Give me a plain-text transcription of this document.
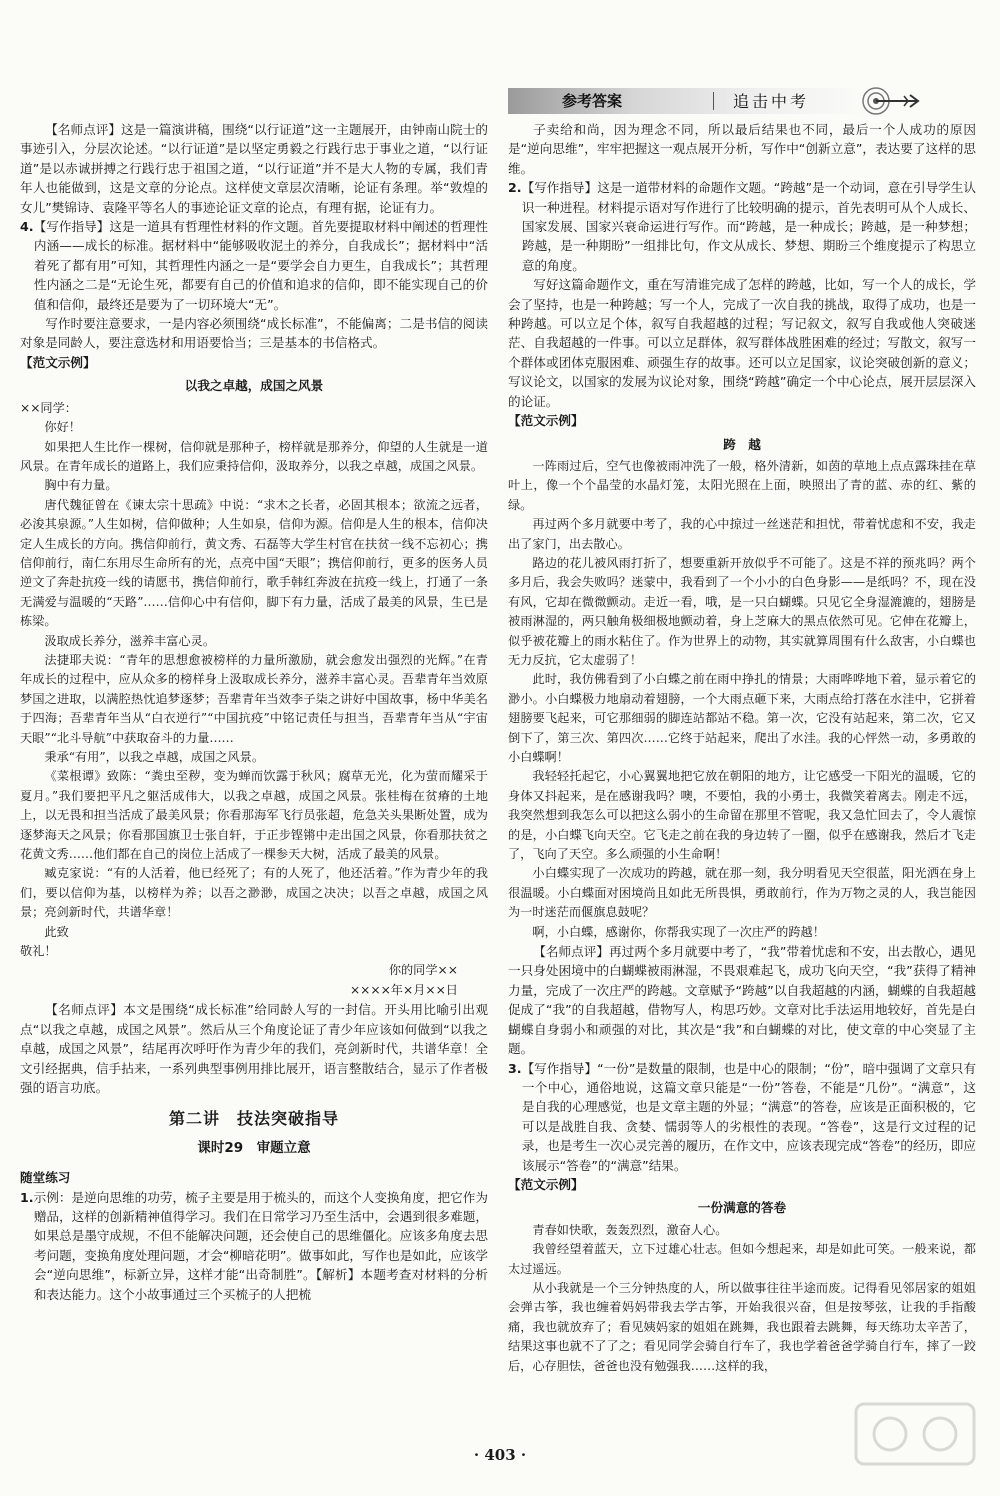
参考答案	追击中考

【名师点评】这是一篇演讲稿，围绕“以行证道”这一主题展开，由钟南山院士的事迹引入，分层次论述。“以行证道”是以坚定勇毅之行践行忠于事业之道，“以行证道”是以赤诚拼搏之行践行忠于祖国之道，“以行证道”并不是大人物的专属，我们青年人也能做到，这是文章的分论点。这样使文章层次清晰，论证有条理。举“敦煌的女儿”樊锦诗、袁隆平等名人的事迹论证文章的论点，有理有据，论证有力。

4.【写作指导】这是一道具有哲理性材料的作文题。首先要提取材料中阐述的哲理性内涵——成长的标准。据材料中“能够吸收泥土的养分，自我成长”；据材料中“活着死了都有用”可知，其哲理性内涵之一是“要学会自力更生，自我成长”；其哲理性内涵之二是“无论生死，都要有自己的价值和追求的信仰，即不能实现自己的价值和信仰，最终还是要为了一切环境大“无”。

写作时要注意要求，一是内容必须围绕“成长标准”，不能偏离；二是书信的阅读对象是同龄人，要注意选材和用语要恰当；三是基本的书信格式。

【范文示例】

以我之卓越，成国之风景

××同学：

你好！

如果把人生比作一棵树，信仰就是那种子，榜样就是那养分，仰望的人生就是一道风景。在青年成长的道路上，我们应秉持信仰，汲取养分，以我之卓越，成国之风景。

胸中有力量。

唐代魏征曾在《谏太宗十思疏》中说：“求木之长者，必固其根本；欲流之远者，必浚其泉源。”人生如树，信仰做种；人生如泉，信仰为源。信仰是人生的根本，信仰决定人生成长的方向。携信仰前行，黄文秀、石磊等大学生村官在扶贫一线不忘初心；携信仰前行，南仁东用尽生命所有的光，点亮中国“天眼”；携信仰前行，更多的医务人员逆文了奔赴抗疫一线的请愿书，携信仰前行，歌手韩红奔波在抗疫一线上，打通了一条无满爱与温暖的“天路”……信仰心中有信仰，脚下有力量，活成了最美的风景，生已是栋梁。

汲取成长养分，滋养丰富心灵。

法捷耶夫说：“青年的思想愈被榜样的力量所激励，就会愈发出强烈的光辉。”在青年成长的过程中，应从众多的榜样身上汲取成长养分，滋养丰富心灵。吾辈青年当效原梦国之进取，以满腔热忱追梦逐梦；吾辈青年当效李子柒之讲好中国故事，杨中华美名于四海；吾辈青年当从“白衣逆行”“中国抗疫”中铭记责任与担当，吾辈青年当从“宇宙天眼”“北斗导航”中获取奋斗的力量……

秉承“有用”，以我之卓越，成国之风景。

《菜根谭》致陈：“粪虫至秽，变为蝉而饮露于秋风；腐草无光，化为萤而耀采于夏月。”我们要把平凡之躯活成伟大，以我之卓越，成国之风景。张桂梅在贫瘠的土地上，以无畏和担当活成了最美风景；你看那海军飞行员张超，危急关头果断处置，成为逐梦海天之风景；你看那国旗卫士张自轩，于正步铿锵中走出国之风景，你看那扶贫之花黄文秀……他们都在自己的岗位上活成了一棵参天大树，活成了最美的风景。

臧克家说：“有的人活着，他已经死了；有的人死了，他还活着。”作为青少年的我们，要以信仰为基，以榜样为养；以吾之渺渺，成国之决决；以吾之卓越，成国之风景；亮剑新时代，共谱华章！

此致

敬礼！

你的同学××

××××年×月××日

【名师点评】本文是围绕“成长标准”给同龄人写的一封信。开头用比喻引出观点“以我之卓越，成国之风景”。然后从三个角度论证了青少年应该如何做到“以我之卓越，成国之风景”，结尾再次呼吁作为青少年的我们，亮剑新时代，共谱华章！全文引经据典，信手拈来，一系列典型事例用排比展开，语言整散结合，显示了作者极强的语言功底。

第二讲　技法突破指导

课时29　审题立意

随堂练习

1.示例：是逆向思维的功劳，梳子主要是用于梳头的，而这个人变换角度，把它作为赠品，这样的创新精神值得学习。我们在日常学习乃至生活中，会遇到很多难题，如果总是墨守成规，不但不能解决问题，还会使自己的思维僵化。应该多角度去思考问题，变换角度处理问题，才会“柳暗花明”。做事如此，写作也是如此，应该学会“逆向思维”，标新立异，这样才能“出奇制胜”。【解析】本题考查对材料的分析和表达能力。这个小故事通过三个买梳子的人把梳

子卖给和尚，因为理念不同，所以最后结果也不同，最后一个人成功的原因是“逆向思维”，牢牢把握这一观点展开分析，写作中“创新立意”，表达要了这样的思维。

2.【写作指导】这是一道带材料的命题作文题。“跨越”是一个动词，意在引导学生认识一种进程。材料提示语对写作进行了比较明确的提示，首先表明可从个人成长、国家发展、国家兴衰命运进行写作。而“跨越，是一种成长；跨越，是一种梦想；跨越，是一种期盼”一组排比句，作文从成长、梦想、期盼三个维度提示了构思立意的角度。

写好这篇命题作文，重在写清谁完成了怎样的跨越，比如，写一个人的成长，学会了坚持，也是一种跨越；写一个人，完成了一次自我的挑战，取得了成功，也是一种跨越。可以立足个体，叙写自我超越的过程；写记叙文，叙写自我或他人突破迷茫、自我超越的一件事。可以立足群体，叙写群体战胜困难的经过；写散文，叙写一个群体或团体克服困难、顽强生存的故事。还可以立足国家，议论突破创新的意义；写议论文，以国家的发展为议论对象，围绕“跨越”确定一个中心论点，展开层层深入的论证。

【范文示例】

跨　越

一阵雨过后，空气也像被雨冲洗了一般，格外清新，如茵的草地上点点露珠挂在草叶上，像一个个晶莹的水晶灯笼，太阳光照在上面，映照出了青的蓝、赤的红、紫的绿。

再过两个多月就要中考了，我的心中掠过一丝迷茫和担忧，带着忧虑和不安，我走出了家门，出去散心。

路边的花儿被风雨打折了，想要重新开放似乎不可能了。这是不祥的预兆吗？两个多月后，我会失败吗？迷蒙中，我看到了一个小小的白色身影——是纸吗？不，现在没有风，它却在微微颤动。走近一看，哦，是一只白蝴蝶。只见它全身湿漉漉的，翅膀是被雨淋湿的，两只触角极细极地颤动着，身上芝麻大的黑点依然可见。它伸在花瓣上，似乎被花瓣上的雨水粘住了。作为世界上的动物，其实就算周围有什么敌害，小白蝶也无力反抗，它太虚弱了！

此时，我仿佛看到了小白蝶之前在雨中挣扎的情景；大雨哗哗地下着，显示着它的渺小。小白蝶极力地扇动着翅膀，一个大雨点砸下来，大雨点给打落在水洼中，它拼着翅膀要飞起来，可它那细弱的脚连站都站不稳。第一次，它没有站起来，第二次，它又倒下了，第三次、第四次……它终于站起来，爬出了水洼。我的心怦然一动，多勇敢的小白蝶啊！

我轻轻托起它，小心翼翼地把它放在朝阳的地方，让它感受一下阳光的温暖，它的身体又抖起来，是在感谢我吗？噢，不要怕，我的小勇士，我微笑着离去。刚走不远，我突然想到我怎么可以把这么弱小的生命留在那里不管呢，我又急忙回去了，令人震惊的是，小白蝶飞向天空。它飞走之前在我的身边转了一圈，似乎在感谢我，然后才飞走了，飞向了天空。多么顽强的小生命啊！

小白蝶实现了一次成功的跨越，就在那一刻，我分明看见天空很蓝，阳光洒在身上很温暖。小白蝶面对困境尚且如此无所畏惧，勇敢前行，作为万物之灵的人，我岂能因为一时迷茫而偃旗息鼓呢？

啊，小白蝶，感谢你，你帮我实现了一次庄严的跨越！

【名师点评】再过两个多月就要中考了，“我”带着忧虑和不安，出去散心，遇见一只身处困境中的白蝴蝶被雨淋湿，不畏艰难起飞，成功飞向天空，“我”获得了精神力量，完成了一次庄严的跨越。文章赋予“跨越”以自我超越的内涵，蝴蝶的自我超越促成了“我”的自我超越，借物写人，构思巧妙。文章对比手法运用地较好，首先是白蝴蝶自身弱小和顽强的对比，其次是“我”和白蝴蝶的对比，使文章的中心突显了主题。

3.【写作指导】“一份”是数量的限制，也是中心的限制；“份”，暗中强调了文章只有一个中心，通俗地说，这篇文章只能是“一份”答卷，不能是“几份”。“满意”，这是自我的心理感觉，也是文章主题的外显；“满意”的答卷，应该是正面积极的，它可以是战胜自我、贪婪、懦弱等人的劣根性的表现。“答卷”，这是行文过程的记录，也是考生一次心灵完善的履历，在作文中，应该表现完成“答卷”的经历，即应该展示“答卷”的“满意”结果。

【范文示例】

一份满意的答卷

青春如快歌，轰轰烈烈，激奋人心。

我曾经望着蓝天，立下过雄心壮志。但如今想起来，却是如此可笑。一般来说，都太过遥远。

从小我就是一个三分钟热度的人，所以做事往往半途而废。记得看见邻居家的姐姐会弹古筝，我也缠着妈妈带我去学古筝，开始我很兴奋，但是按琴弦，让我的手指酸痛，我也就放弃了；看见姨妈家的姐姐在跳舞，我也跟着去跳舞，每天练功太辛苦了，结果这事也就不了了之；看见同学会骑自行车了，我也学着爸爸学骑自行车，摔了一跤后，心存胆怯，爸爸也没有勉强我……这样的我，

· 403 ·
